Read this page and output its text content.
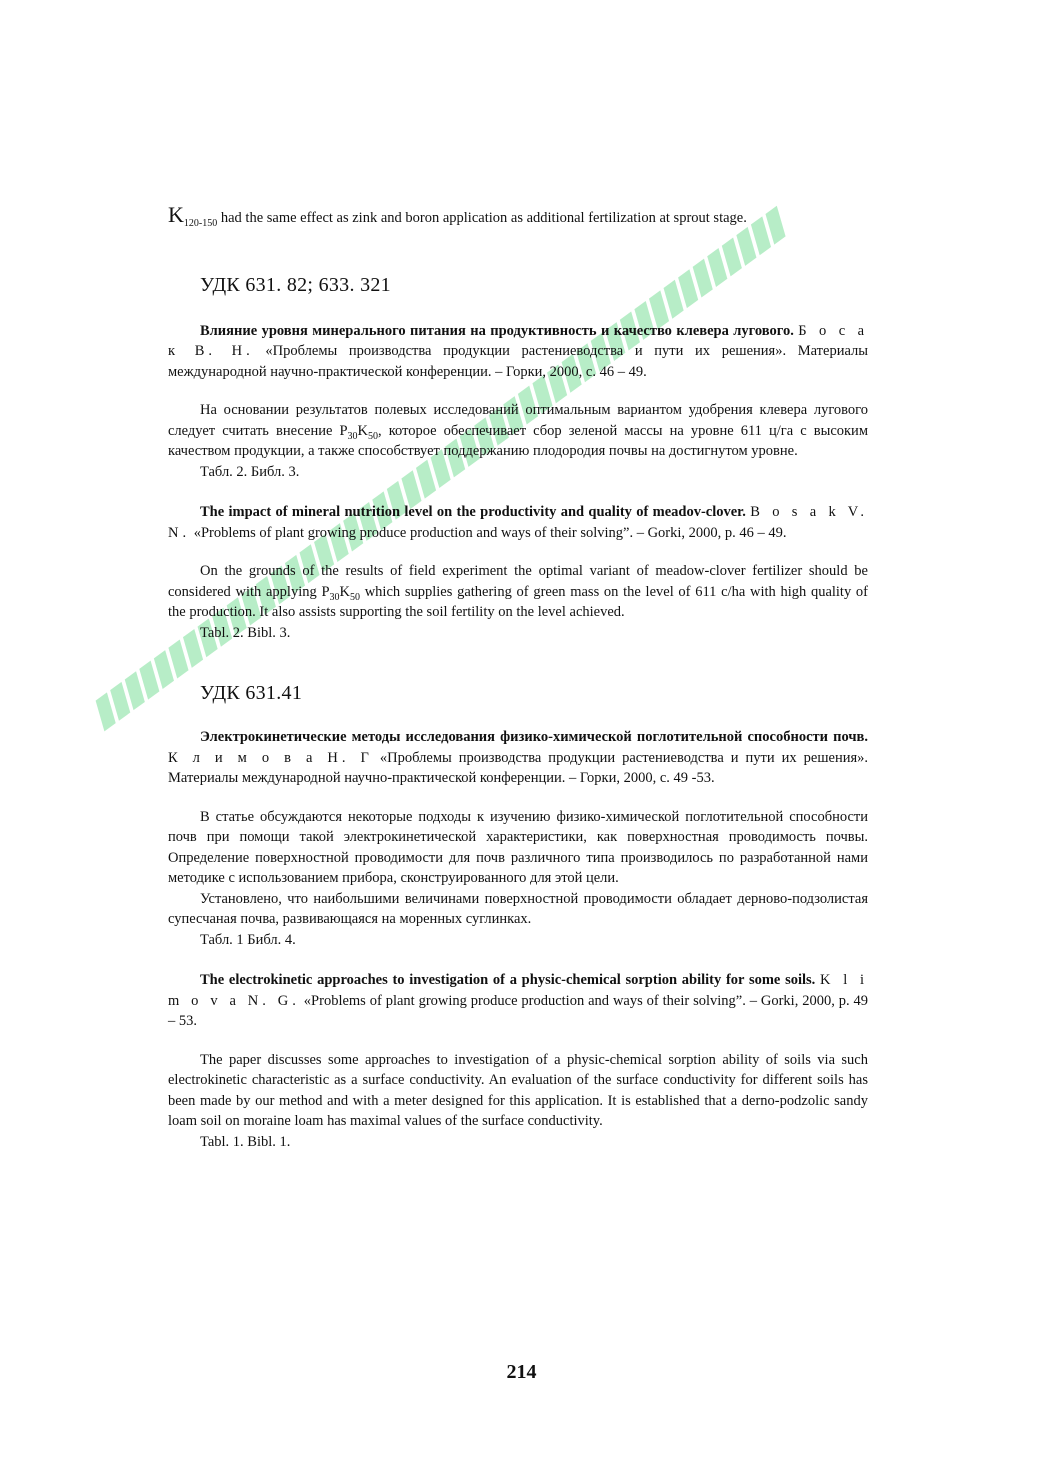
$K_{120-150}$ had the same effect as zink and boron application as additional fertilization at sprout stage.

УДК 631. 82; 633. 321

Влияние уровня минерального питания на продуктивность и качество клевера лугового. Б о с а к В. Н. «Проблемы производства продукции растениеводства и пути их решения». Материалы международной научно-практической конференции. – Горки, 2000, с. 46 – 49.

На основании результатов полевых исследований оптимальным вариантом удобрения клевера лугового следует считать внесение $P_{30}K_{50}$, которое обеспечивает сбор зеленой массы на уровне 611 ц/га с высоким качеством продукции, а также способствует поддержанию плодородия почвы на достигнутом уровне.

Табл. 2. Библ. 3.

The impact of mineral nutrition level on the productivity and quality of meadov-clover. B o s a k V. N. «Problems of plant growing produce production and ways of their solving”. – Gorki, 2000, p. 46 – 49.

On the grounds of the results of field experiment the optimal variant of meadow-clover fertilizer should be considered with applying $P_{30}K_{50}$ which supplies gathering of green mass on the level of 611 c/ha with high quality of the production. It also assists supporting the soil fertility on the level achieved.

Tabl. 2. Bibl. 3.

УДК 631.41

Электрокинетические методы исследования физико-химической поглотительной способности почв. К л и м о в а Н. Г «Проблемы производства продукции растениеводства и пути их решения». Материалы международной научно-практической конференции. – Горки, 2000, с. 49 -53.

В статье обсуждаются некоторые подходы к изучению физико-химической поглотительной способности почв при помощи такой электрокинетической характеристики, как поверхностная проводимость почвы. Определение поверхностной проводимости для почв различного типа производилось по разработанной нами методике с использованием прибора, сконструированного для этой цели.

Установлено, что наибольшими величинами поверхностной проводимости обладает дерново-подзолистая супесчаная почва, развивающаяся на моренных суглинках.

Табл. 1 Библ. 4.

The electrokinetic approaches to investigation of a physic-chemical sorption ability for some soils. K l i m o v a N. G. «Problems of plant growing produce production and ways of their solving”. – Gorki, 2000, p. 49 – 53.

The paper discusses some approaches to investigation of a physic-chemical sorption ability of soils via such electrokinetic characteristic as a surface conductivity. An evaluation of the surface conductivity for different soils has been made by our method and with a meter designed for this application. It is established that a derno-podzolic sandy loam soil on moraine loam has maximal values of the surface conductivity.

Tabl. 1. Bibl. 1.

214
